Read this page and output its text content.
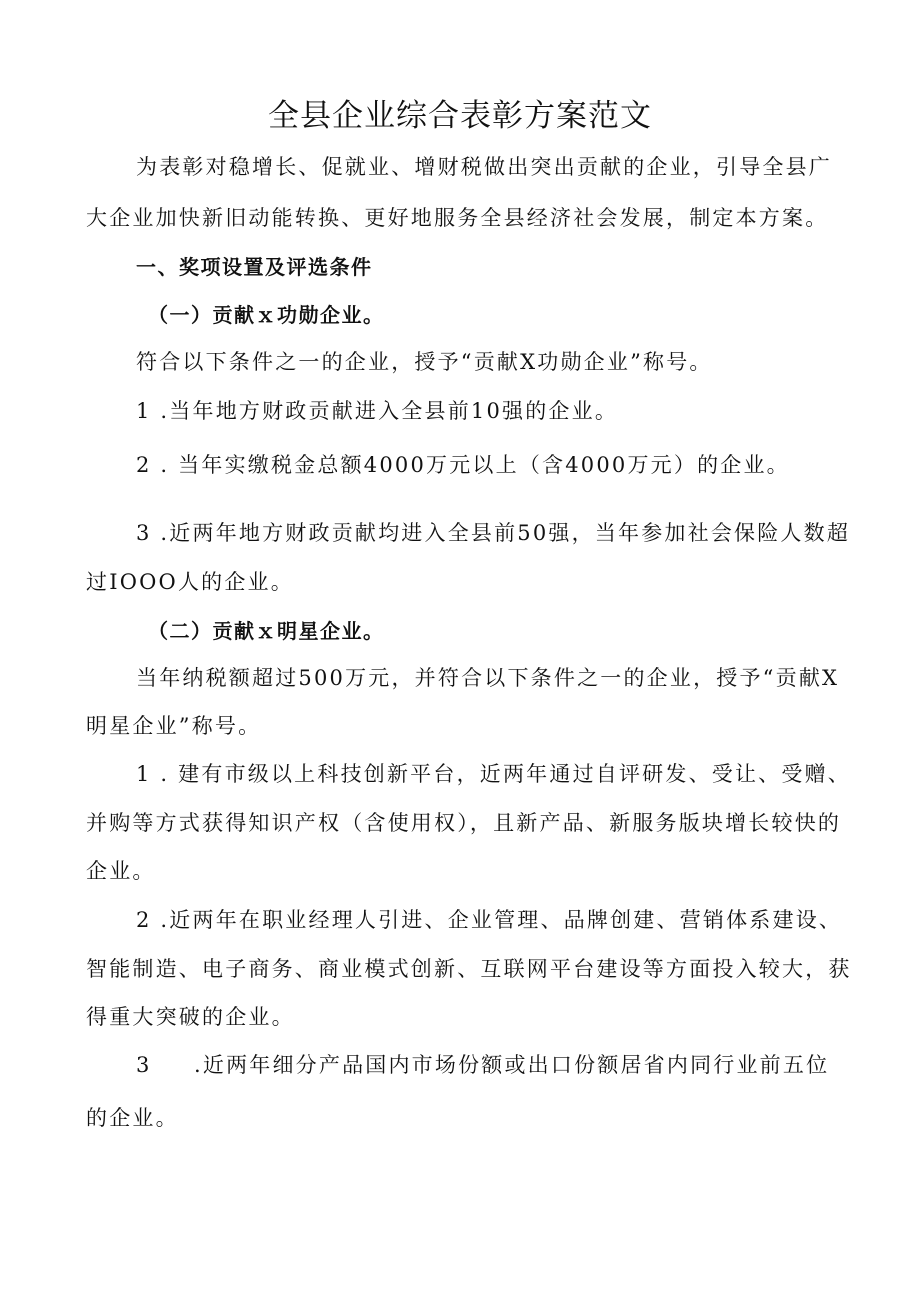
全县企业综合表彰方案范文
为表彰对稳增长、促就业、增财税做出突出贡献的企业，引导全县广
大企业加快新旧动能转换、更好地服务全县经济社会发展，制定本方案。
一、奖项设置及评选条件
（一）贡献ｘ功勋企业。
符合以下条件之一的企业，授予“贡献X功勋企业”称号。
1 .当年地方财政贡献进入全县前10强的企业。
2 . 当年实缴税金总额4000万元以上（含4000万元）的企业。
3 .近两年地方财政贡献均进入全县前50强，当年参加社会保险人数超
过IOOO人的企业。
（二）贡献ｘ明星企业。
当年纳税额超过500万元，并符合以下条件之一的企业，授予“贡献X
明星企业”称号。
1 . 建有市级以上科技创新平台，近两年通过自评研发、受让、受赠、
并购等方式获得知识产权（含使用权），且新产品、新服务版块增长较快的
企业。
2 .近两年在职业经理人引进、企业管理、品牌创建、营销体系建设、
智能制造、电子商务、商业模式创新、互联网平台建设等方面投入较大，获
得重大突破的企业。
3 .近两年细分产品国内市场份额或出口份额居省内同行业前五位
的企业。
